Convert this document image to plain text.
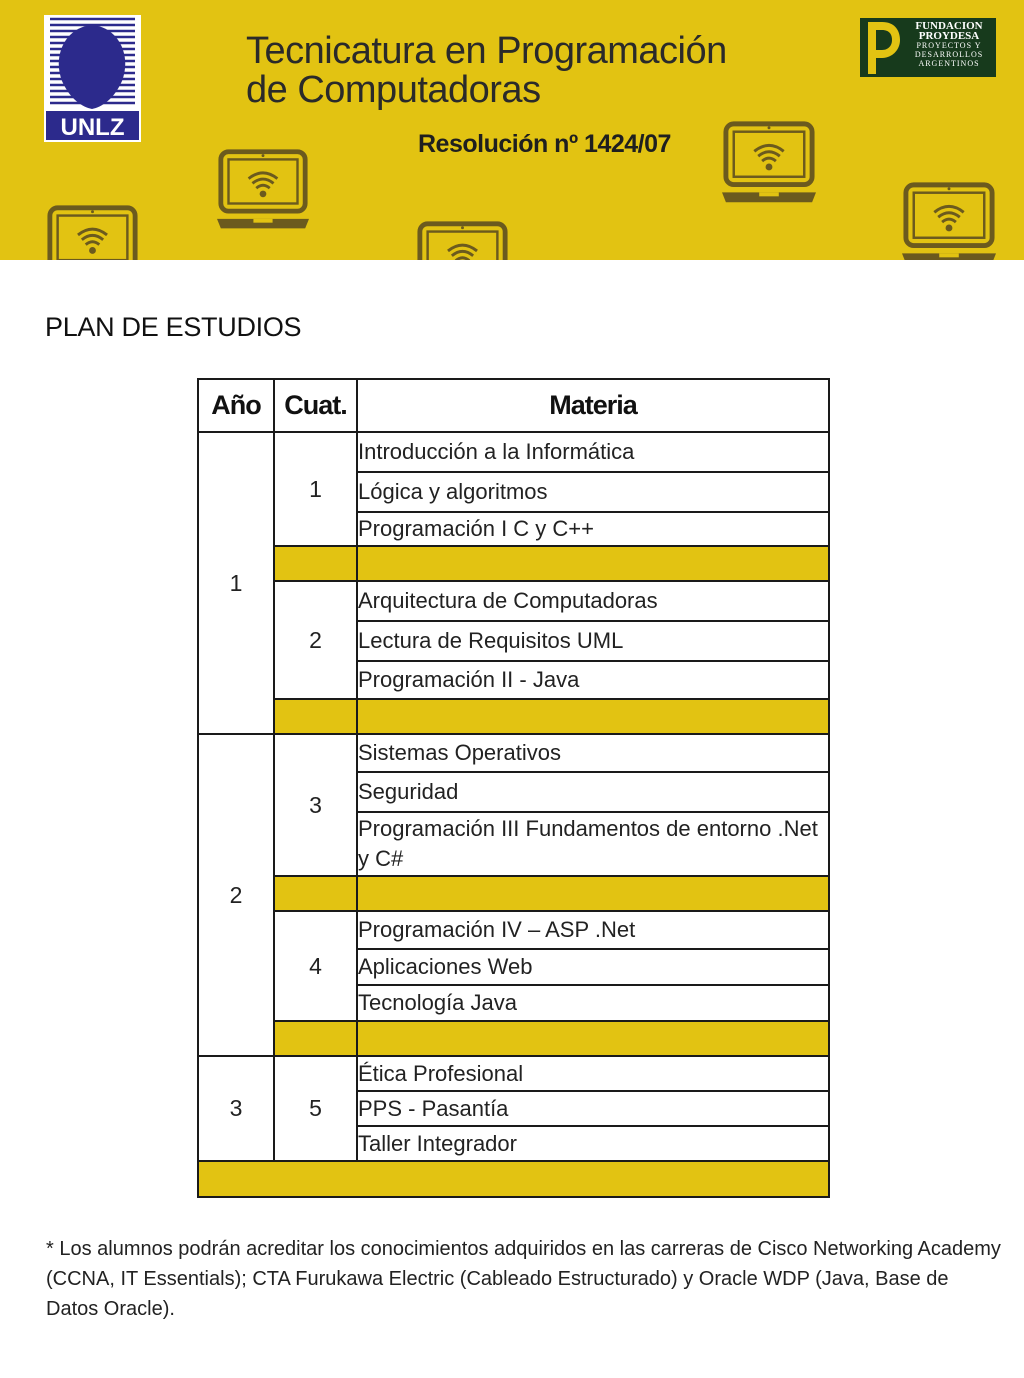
UNLZ
Tecnicatura en Programación
de Computadoras
Resolución nº 1424/07
FUNDACION
PROYDESA
PROYECTOS Y
DESARROLLOS ARGENTINOS
PLAN DE ESTUDIOS
Año	Cuat.	Materia
1	1	Introducción a la Informática
		Lógica y algoritmos
		Programación I C y C++

	2	Arquitectura de Computadoras
		Lectura de Requisitos UML
		Programación II - Java

2	3	Sistemas Operativos
		Seguridad
		Programación III Fundamentos de entorno .Net y C#

	4	Programación IV – ASP .Net
		Aplicaciones Web
		Tecnología Java

3	5	Ética Profesional
		PPS - Pasantía
		Taller Integrador

* Los alumnos podrán acreditar los conocimientos adquiridos en las carreras de Cisco Networking Academy (CCNA, IT Essentials); CTA Furukawa Electric (Cableado Estructurado) y Oracle WDP (Java, Base de Datos Oracle).
